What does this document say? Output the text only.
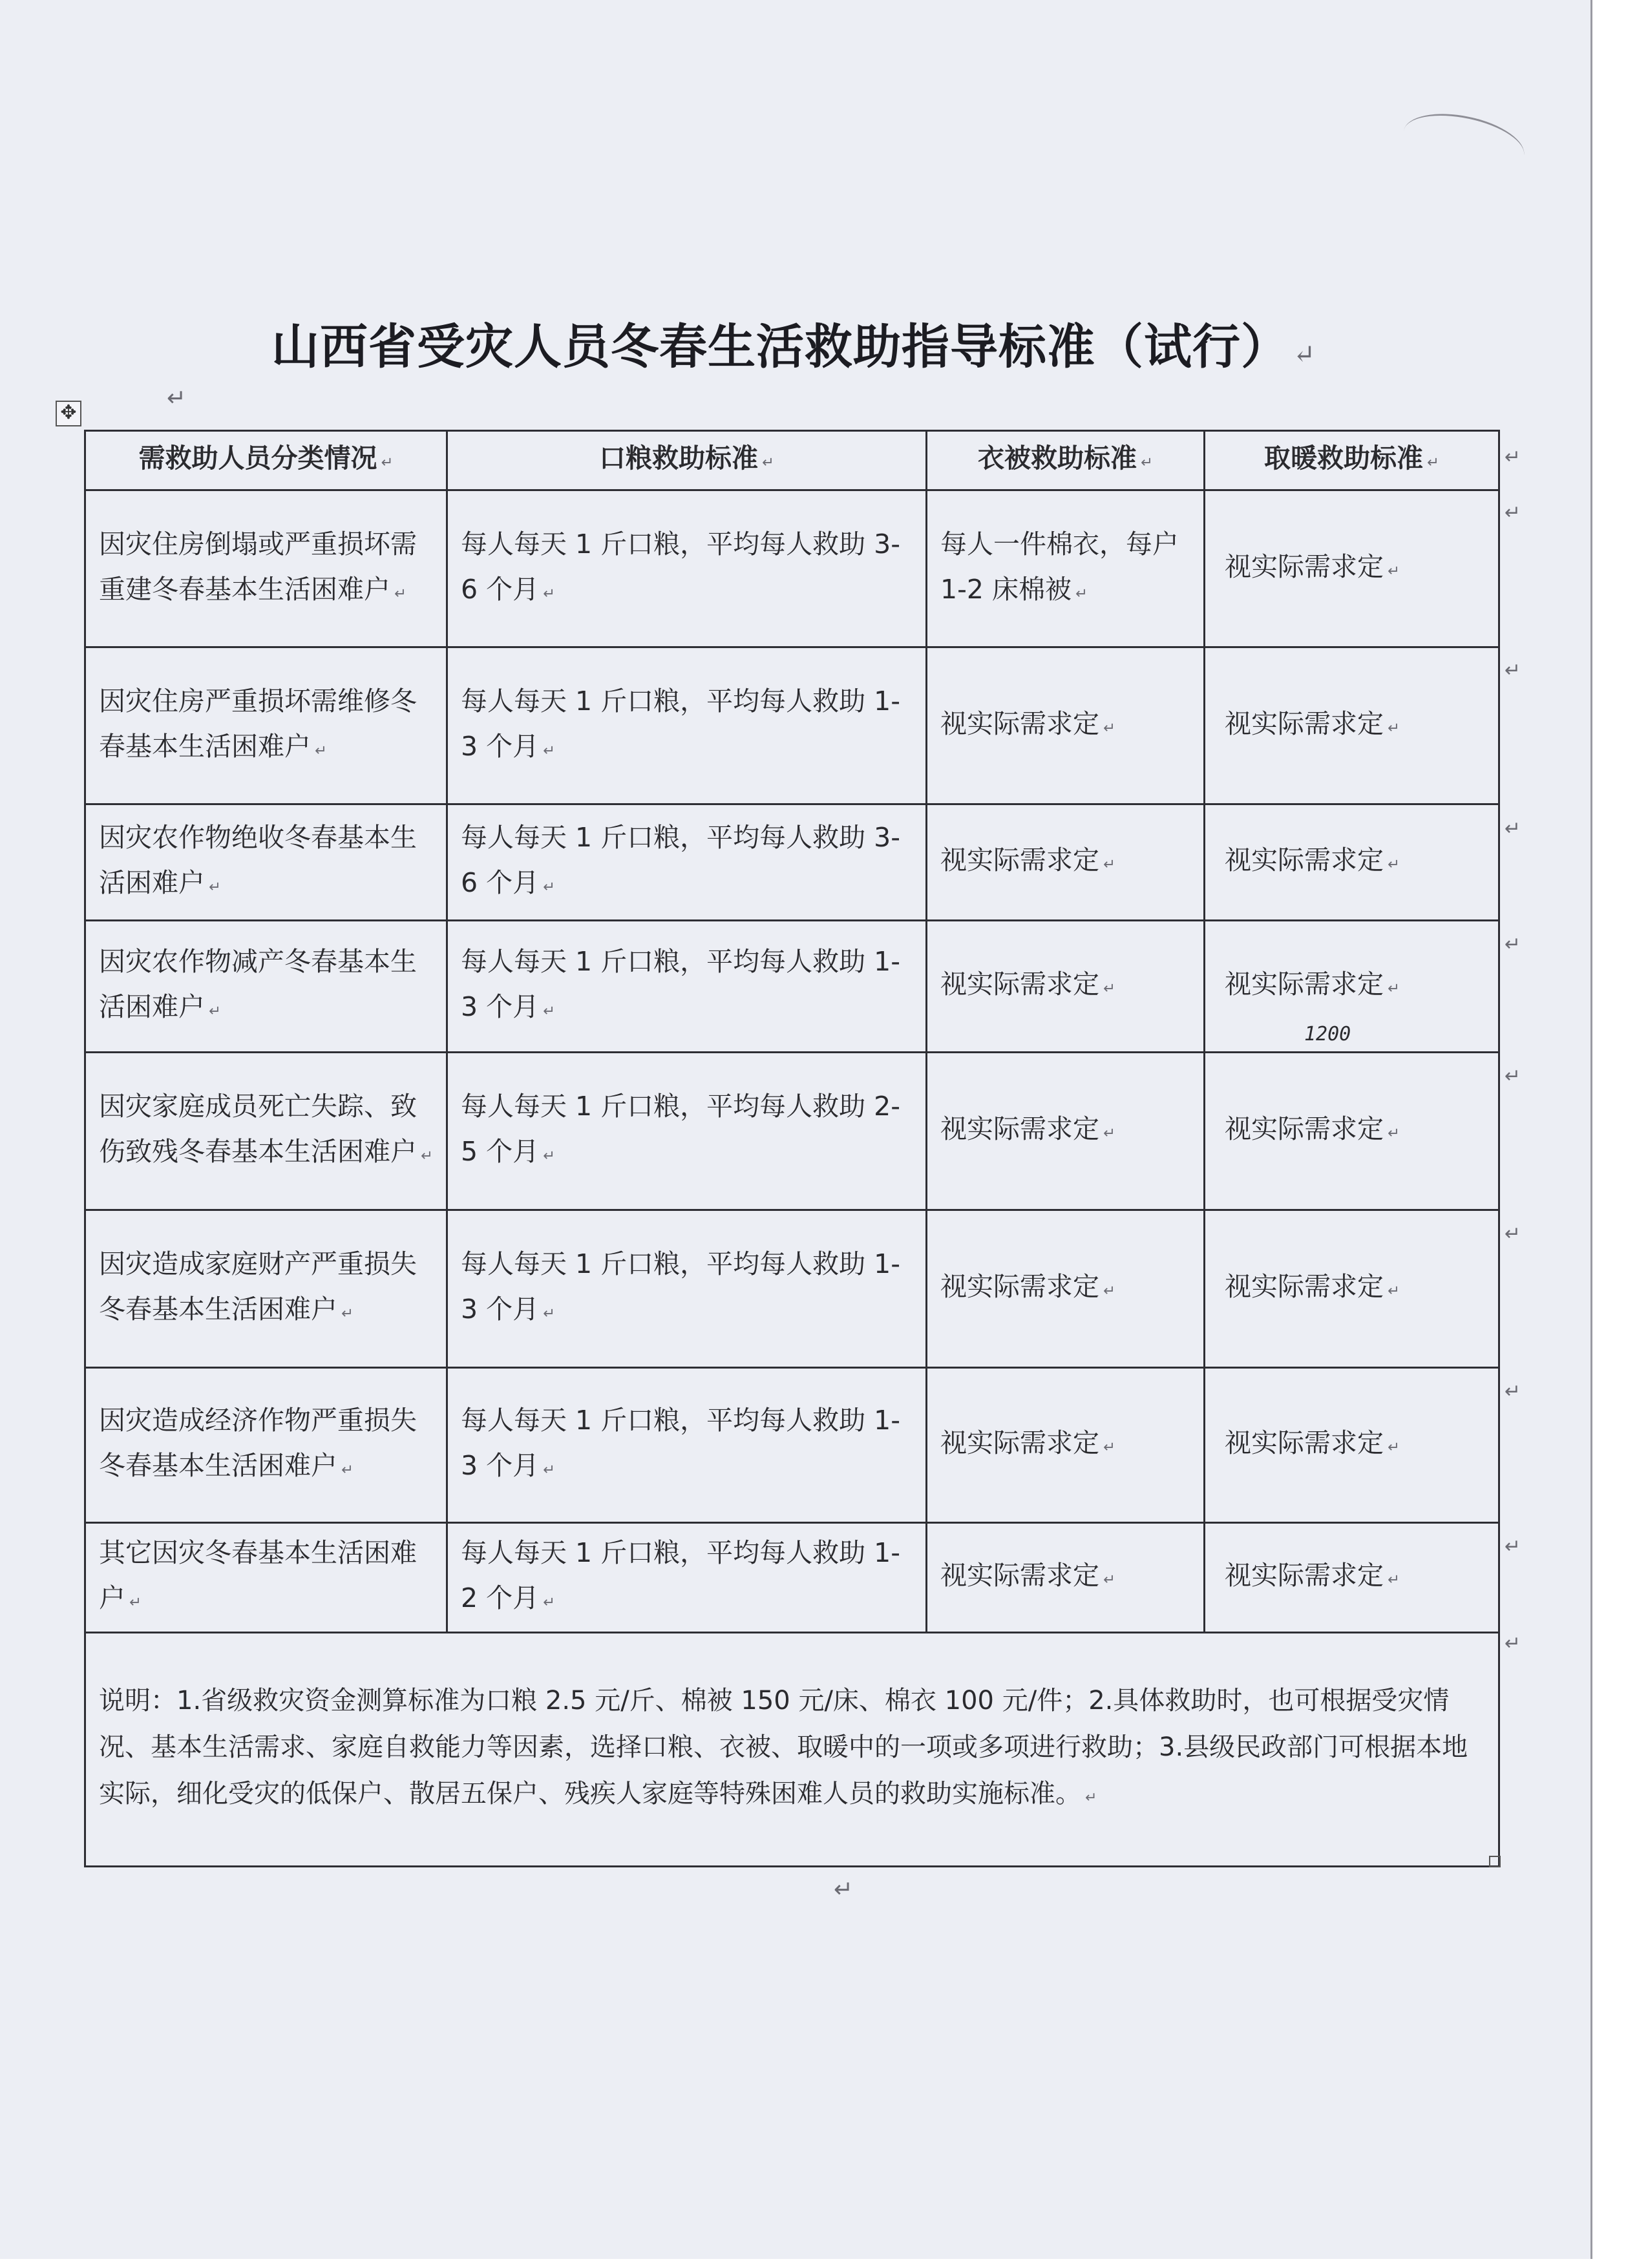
山西省受灾人员冬春生活救助指导标准（试行） ↵
↵
✥
需救助人员分类情况 ↵	口粮救助标准 ↵	衣被救助标准 ↵	取暖救助标准 ↵
因灾住房倒塌或严重损坏需重建冬春基本生活困难户 ↵	每人每天 1 斤口粮，平均每人救助 3-6 个月 ↵	每人一件棉衣，每户 1-2 床棉被 ↵	视实际需求定 ↵
因灾住房严重损坏需维修冬春基本生活困难户 ↵	每人每天 1 斤口粮，平均每人救助 1-3 个月 ↵	视实际需求定 ↵	视实际需求定 ↵
因灾农作物绝收冬春基本生活困难户 ↵	每人每天 1 斤口粮，平均每人救助 3-6 个月 ↵	视实际需求定 ↵	视实际需求定 ↵
因灾农作物减产冬春基本生活困难户 ↵	每人每天 1 斤口粮，平均每人救助 1-3 个月 ↵	视实际需求定 ↵	视实际需求定 ↵
因灾家庭成员死亡失踪、致伤致残冬春基本生活困难户 ↵	每人每天 1 斤口粮，平均每人救助 2-5 个月 ↵	视实际需求定 ↵	视实际需求定 ↵
因灾造成家庭财产严重损失冬春基本生活困难户 ↵	每人每天 1 斤口粮，平均每人救助 1-3 个月 ↵	视实际需求定 ↵	视实际需求定 ↵
因灾造成经济作物严重损失冬春基本生活困难户 ↵	每人每天 1 斤口粮，平均每人救助 1-3 个月 ↵	视实际需求定 ↵	视实际需求定 ↵
其它因灾冬春基本生活困难户 ↵	每人每天 1 斤口粮，平均每人救助 1-2 个月 ↵	视实际需求定 ↵	视实际需求定 ↵
说明：1.省级救灾资金测算标准为口粮 2.5 元/斤、棉被 150 元/床、棉衣 100 元/件；2.具体救助时，也可根据受灾情况、基本生活需求、家庭自救能力等因素，选择口粮、衣被、取暖中的一项或多项进行救助；3.县级民政部门可根据本地实际，细化受灾的低保户、散居五保户、残疾人家庭等特殊困难人员的救助实施标准。 ↵			
↵
↵
↵
↵
↵
↵
↵
↵
↵
↵
1200
↵
